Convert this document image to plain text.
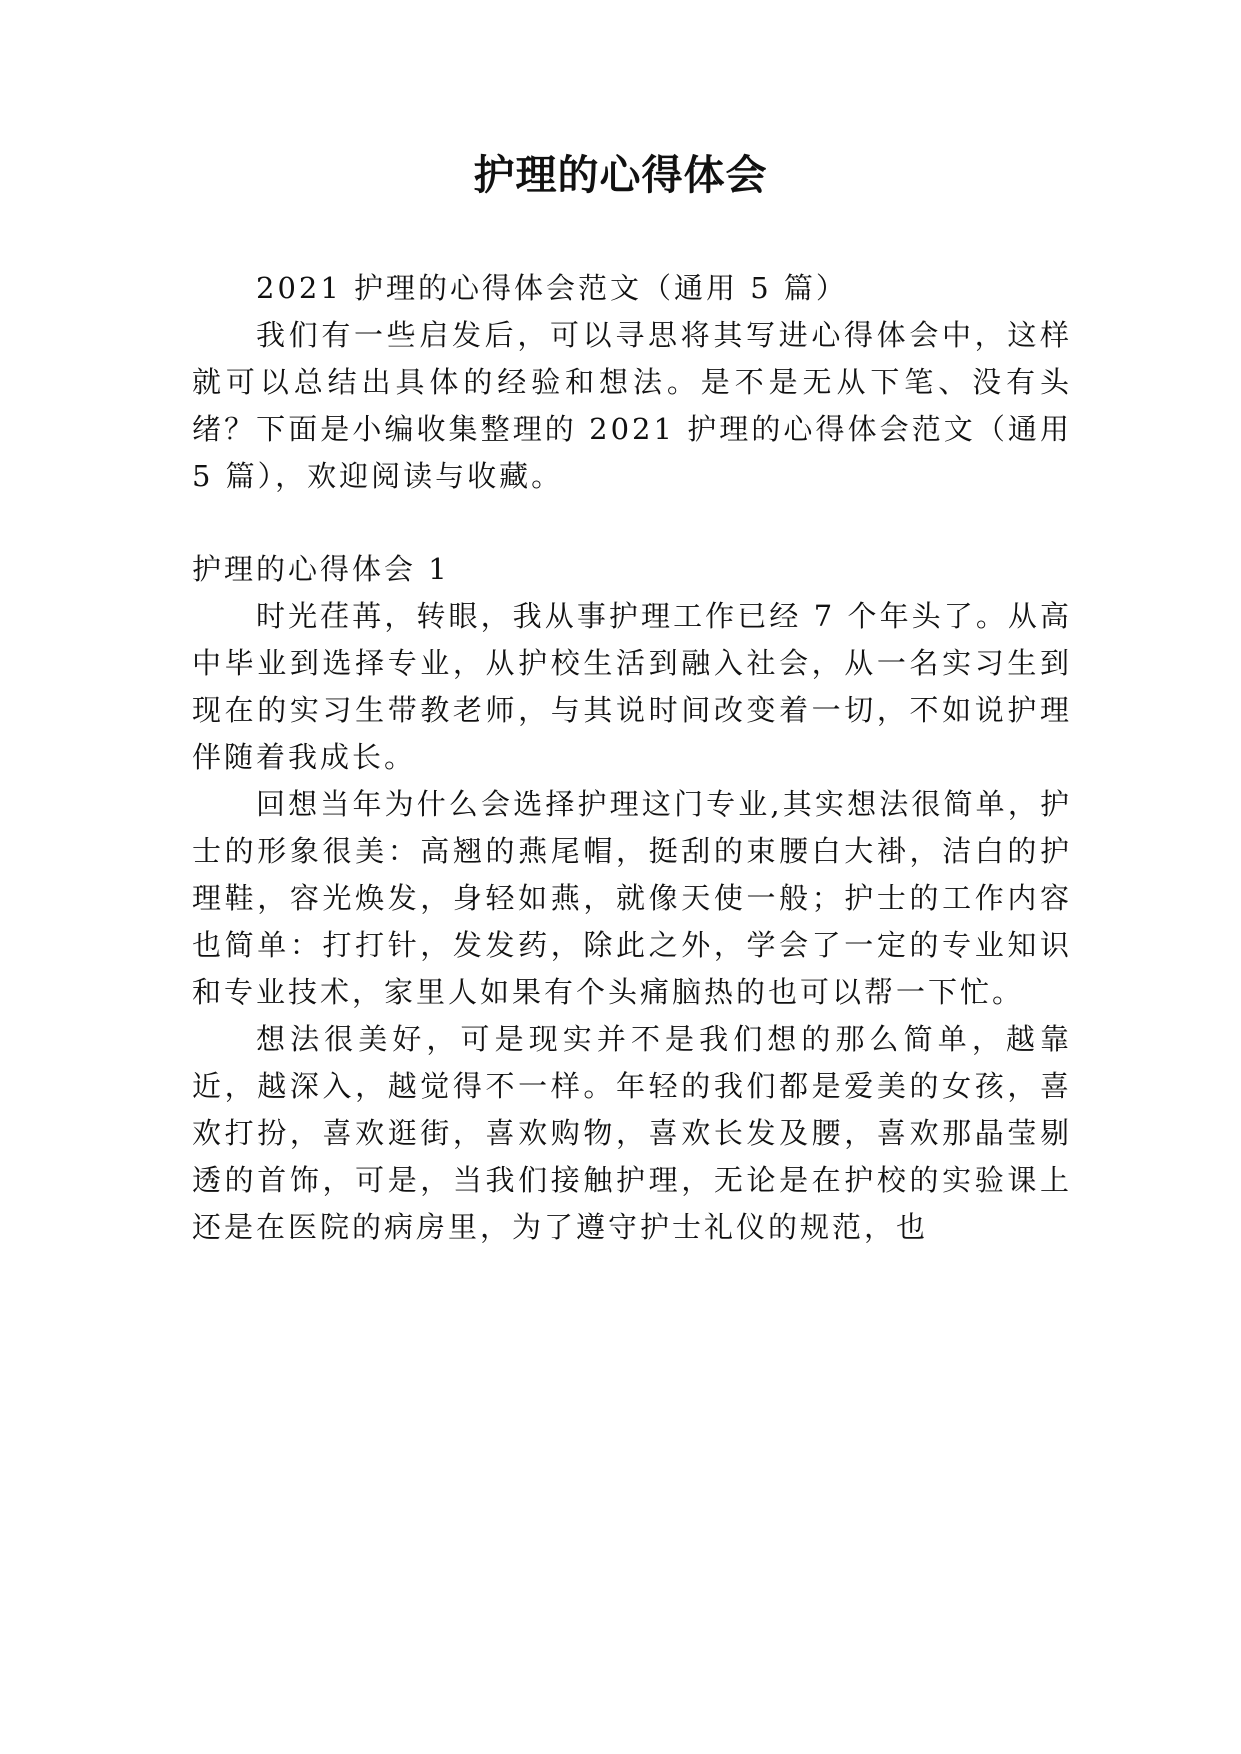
护理的心得体会

2021 护理的心得体会范文（通用 5 篇）

我们有一些启发后，可以寻思将其写进心得体会中，这样就可以总结出具体的经验和想法。是不是无从下笔、没有头绪？下面是小编收集整理的 2021 护理的心得体会范文（通用 5 篇），欢迎阅读与收藏。

护理的心得体会 1

时光荏苒，转眼，我从事护理工作已经 7 个年头了。从高中毕业到选择专业，从护校生活到融入社会，从一名实习生到现在的实习生带教老师，与其说时间改变着一切，不如说护理伴随着我成长。

回想当年为什么会选择护理这门专业,其实想法很简单，护士的形象很美：高翘的燕尾帽，挺刮的束腰白大褂，洁白的护理鞋，容光焕发，身轻如燕，就像天使一般；护士的工作内容也简单：打打针，发发药，除此之外，学会了一定的专业知识和专业技术，家里人如果有个头痛脑热的也可以帮一下忙。

想法很美好，可是现实并不是我们想的那么简单，越靠近，越深入，越觉得不一样。年轻的我们都是爱美的女孩，喜欢打扮，喜欢逛街，喜欢购物，喜欢长发及腰，喜欢那晶莹剔透的首饰，可是，当我们接触护理，无论是在护校的实验课上还是在医院的病房里，为了遵守护士礼仪的规范，也
